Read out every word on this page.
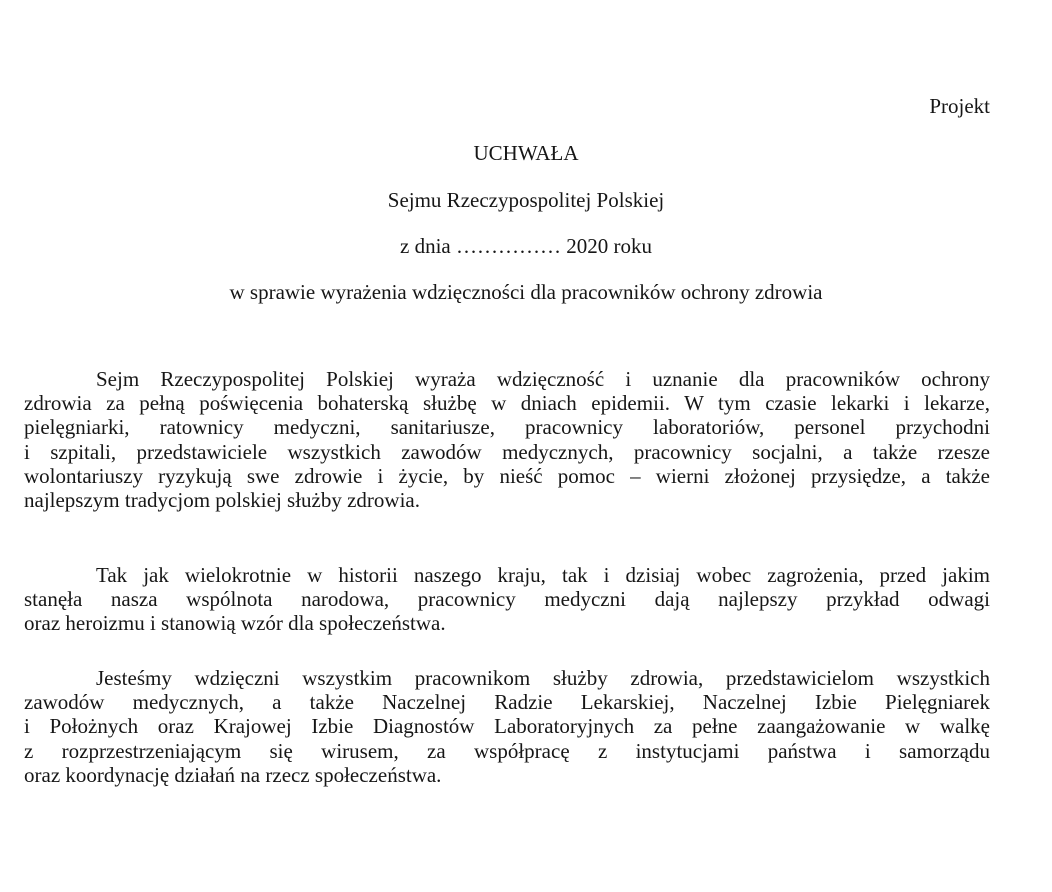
Projekt
UCHWAŁA
Sejmu Rzeczypospolitej Polskiej
z dnia …………… 2020 roku
w sprawie wyrażenia wdzięczności dla pracowników ochrony zdrowia
Sejm Rzeczypospolitej Polskiej wyraża wdzięczność i uznanie dla pracowników ochrony
zdrowia za pełną poświęcenia bohaterską służbę w dniach epidemii. W tym czasie lekarki i lekarze,
pielęgniarki, ratownicy medyczni, sanitariusze, pracownicy laboratoriów, personel przychodni
i szpitali, przedstawiciele wszystkich zawodów medycznych, pracownicy socjalni, a także rzesze
wolontariuszy ryzykują swe zdrowie i życie, by nieść pomoc – wierni złożonej przysiędze, a także
najlepszym tradycjom polskiej służby zdrowia.
Tak jak wielokrotnie w historii naszego kraju, tak i dzisiaj wobec zagrożenia, przed jakim
stanęła nasza wspólnota narodowa, pracownicy medyczni dają najlepszy przykład odwagi
oraz heroizmu i stanowią wzór dla społeczeństwa.
Jesteśmy wdzięczni wszystkim pracownikom służby zdrowia, przedstawicielom wszystkich
zawodów medycznych, a także Naczelnej Radzie Lekarskiej, Naczelnej Izbie Pielęgniarek
i Położnych oraz Krajowej Izbie Diagnostów Laboratoryjnych za pełne zaangażowanie w walkę
z rozprzestrzeniającym się wirusem, za współpracę z instytucjami państwa i samorządu
oraz koordynację działań na rzecz społeczeństwa.
